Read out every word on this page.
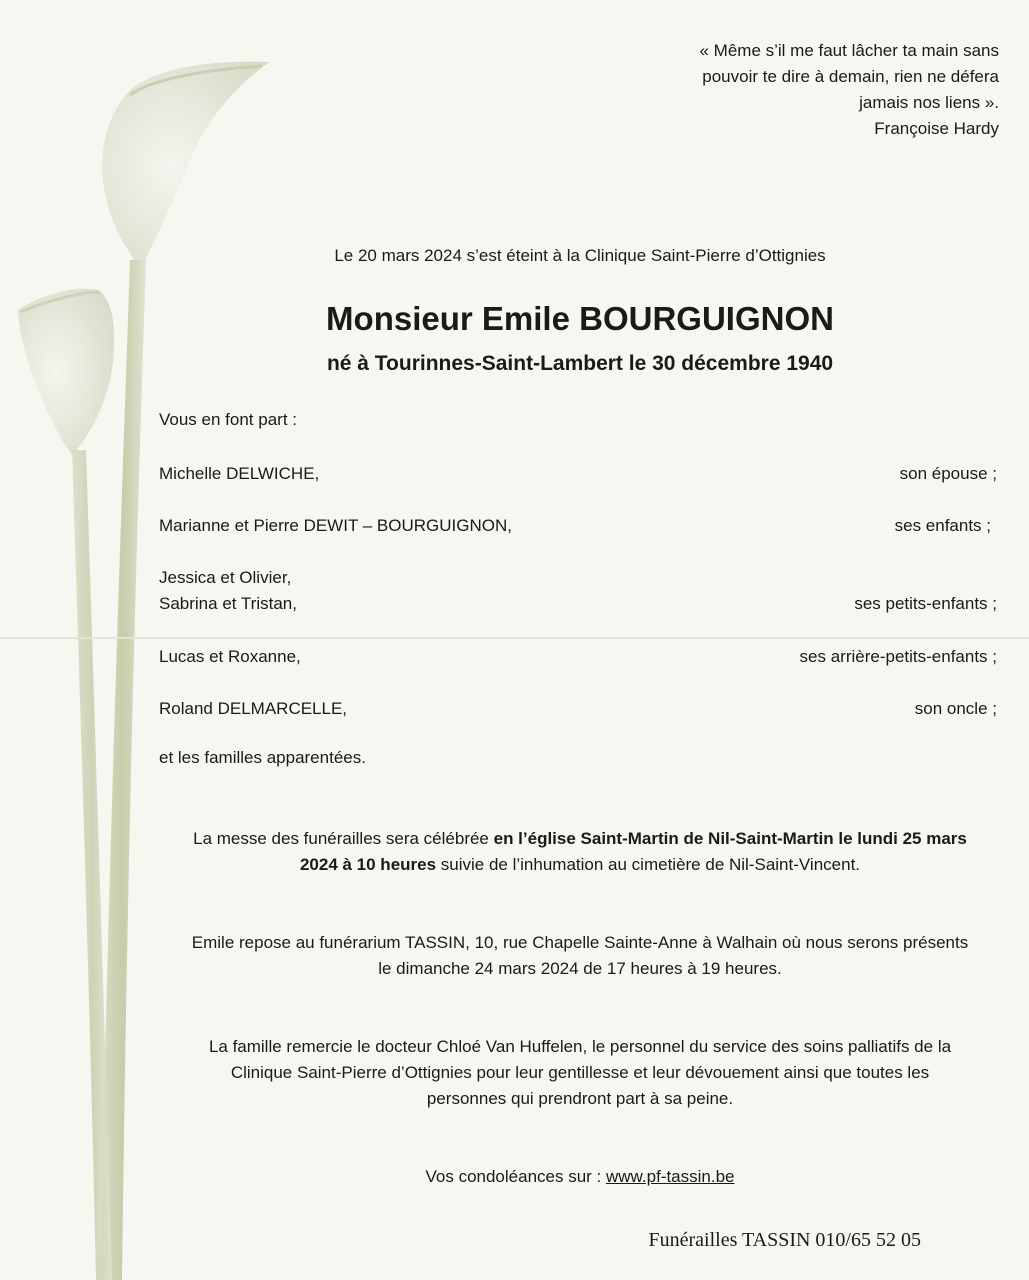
« Même s’il me faut lâcher ta main sans
pouvoir te dire à demain, rien ne défera
jamais nos liens ».
Françoise Hardy
Le 20 mars 2024 s’est éteint à la Clinique Saint-Pierre d’Ottignies
Monsieur Emile BOURGUIGNON
né à Tourinnes-Saint-Lambert le 30 décembre 1940
Vous en font part :
Michelle DELWICHE,	son épouse ;
Marianne et Pierre DEWIT – BOURGUIGNON,	ses enfants ;
Jessica et Olivier,
Sabrina et Tristan,	ses petits-enfants ;
Lucas et Roxanne,	ses arrière-petits-enfants ;
Roland DELMARCELLE,	son oncle ;
et les familles apparentées.
La messe des funérailles sera célébrée en l’église Saint-Martin de Nil-Saint-Martin le lundi 25 mars
2024 à 10 heures suivie de l’inhumation au cimetière de Nil-Saint-Vincent.
Emile repose au funérarium TASSIN, 10, rue Chapelle Sainte-Anne à Walhain où nous serons présents
le dimanche 24 mars 2024 de 17 heures à 19 heures.
La famille remercie le docteur Chloé Van Huffelen, le personnel du service des soins palliatifs de la
Clinique Saint-Pierre d’Ottignies pour leur gentillesse et leur dévouement ainsi que toutes les
personnes qui prendront part à sa peine.
Vos condoléances sur : www.pf-tassin.be
Funérailles TASSIN 010/65 52 05
